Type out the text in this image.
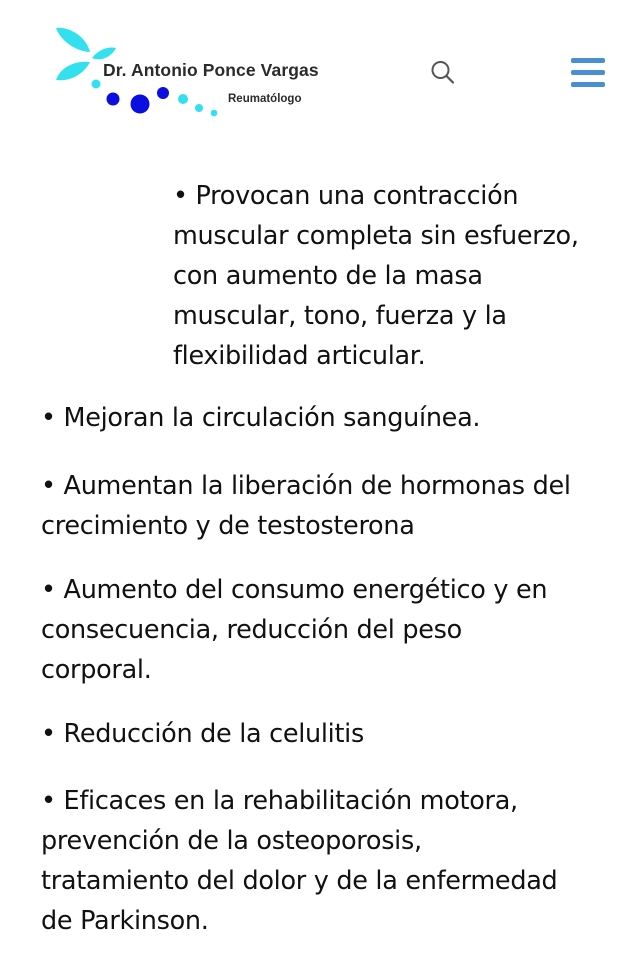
Dr. Antonio Ponce Vargas
Reumatólogo

• Provocan una contracción
muscular completa sin esfuerzo,
con aumento de la masa
muscular, tono, fuerza y la
flexibilidad articular.

• Mejoran la circulación sanguínea.

• Aumentan la liberación de hormonas del
crecimiento y de testosterona

• Aumento del consumo energético y en
consecuencia, reducción del peso
corporal.

• Reducción de la celulitis

• Eficaces en la rehabilitación motora,
prevención de la osteoporosis,
tratamiento del dolor y de la enfermedad
de Parkinson.
